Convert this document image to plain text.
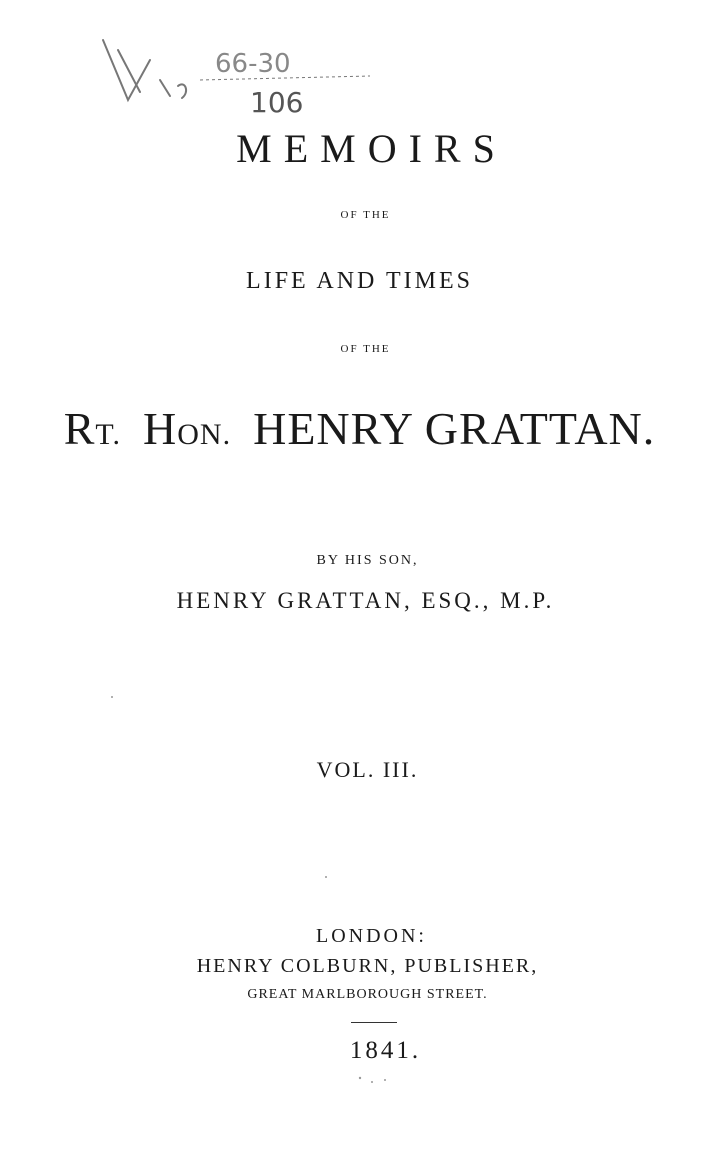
66-30
106
V
MEMOIRS
OF THE
LIFE AND TIMES
OF THE
RT. HON. HENRY GRATTAN.
BY HIS SON,
HENRY GRATTAN, ESQ., M.P.
VOL. III.
LONDON:
HENRY COLBURN, PUBLISHER,
GREAT MARLBOROUGH STREET.
1841.
